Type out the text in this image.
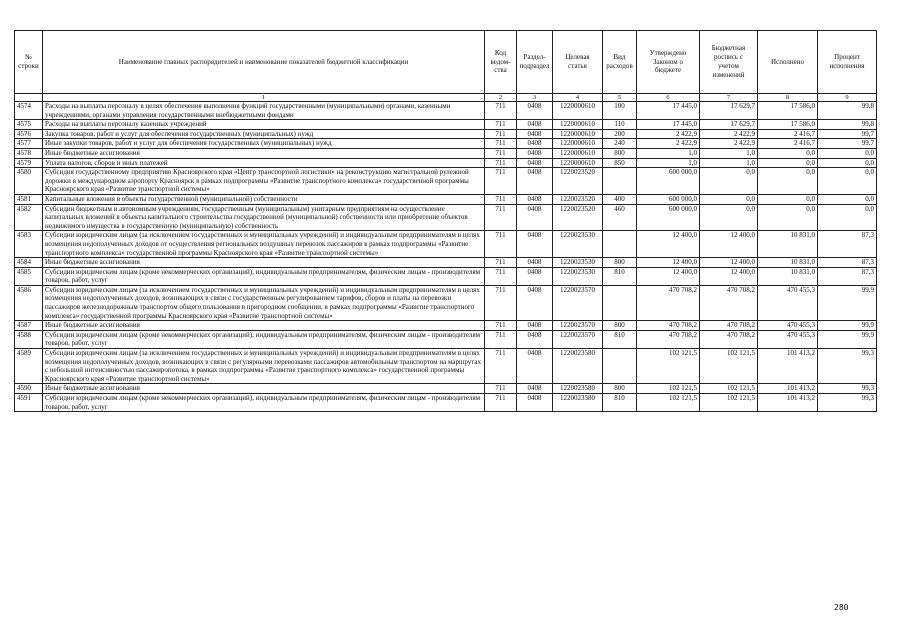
№
строки	Наименование главных распорядителей и наименование показателей бюджетной классификации	Код
ведом-
ства	Раздел-
подраздел	Целевая
статья	Вид
расходов	Утверждено
Законом о
бюджете	Бюджетная
роспись с
учетом
изменений	Исполнено	Процент
исполнения
	1	2	3	4	5	6	7	8	9
4574	Расходы на выплаты персоналу в целях обеспечения выполнения функций государственными (муниципальными) органами, казенными учреждениями, органами управления государственными внебюджетными фондами	711	0408	1220000610	100	17 445,0	17 629,7	17 586,0	99,8
4575	Расходы на выплаты персоналу казенных учреждений	711	0408	1220000610	110	17 445,0	17 629,7	17 586,0	99,8
4576	Закупка товаров, работ и услуг для обеспечения государственных (муниципальных) нужд	711	0408	1220000610	200	2 422,9	2 422,9	2 416,7	99,7
4577	Иные закупки товаров, работ и услуг для обеспечения государственных (муниципальных) нужд	711	0408	1220000610	240	2 422,9	2 422,9	2 416,7	99,7
4578	Иные бюджетные ассигнования	711	0408	1220000610	800	1,0	1,0	0,0	0,0
4579	Уплата налогов, сборов и иных платежей	711	0408	1220000610	850	1,0	1,0	0,0	0,0
4580	Субсидия государственному предприятию Красноярского края «Центр транспортной логистики» на реконструкцию магистральной рулежной дорожки в международном аэропорту Красноярск в рамках подпрограммы «Развитие транспортного комплекса» государственной программы Красноярского края «Развитие транспортной системы»	711	0408	1220023520		600 000,0	0,0	0,0	0,0
4581	Капитальные вложения в объекты государственной (муниципальной) собственности	711	0408	1220023520	400	600 000,0	0,0	0,0	0,0
4582	Субсидии бюджетным и автономным учреждениям, государственным (муниципальным) унитарным предприятиям на осуществление капитальных вложений в объекты капитального строительства государственной (муниципальной) собственности или приобретение объектов недвижимого имущества в государственную (муниципальную) собственность	711	0408	1220023520	460	600 000,0	0,0	0,0	0,0
4583	Субсидии юридическим лицам (за исключением государственных и муниципальных учреждений) и индивидуальным предпринимателям в целях возмещения недополученных доходов от осуществления региональных воздушных перевозок пассажиров в рамках подпрограммы «Развитие транспортного комплекса» государственной программы Красноярского края «Развитие транспортной системы»	711	0408	1220023530		12 400,0	12 400,0	10 831,0	87,3
4584	Иные бюджетные ассигнования	711	0408	1220023530	800	12 400,0	12 400,0	10 831,0	87,3
4585	Субсидии юридическим лицам (кроме некоммерческих организаций), индивидуальным предпринимателям, физическим лицам - производителям товаров, работ, услуг	711	0408	1220023530	810	12 400,0	12 400,0	10 831,0	87,3
4586	Субсидии юридическим лицам (за исключением государственных и муниципальных учреждений) и индивидуальным предпринимателям в целях возмещения недополученных доходов, возникающих в связи с государственным регулированием тарифов, сборов и платы на перевозки пассажиров железнодорожным транспортом общего пользования в пригородном сообщении, в рамках подпрограммы «Развитие транспортного комплекса» государственной программы Красноярского края «Развитие транспортной системы»	711	0408	1220023570		470 708,2	470 708,2	470 455,3	99,9
4587	Иные бюджетные ассигнования	711	0408	1220023570	800	470 708,2	470 708,2	470 455,3	99,9
4588	Субсидии юридическим лицам (кроме некоммерческих организаций), индивидуальным предпринимателям, физическим лицам - производителям товаров, работ, услуг	711	0408	1220023570	810	470 708,2	470 708,2	470 455,3	99,9
4589	Субсидии юридическим лицам (за исключением государственных и муниципальных учреждений) и индивидуальным предпринимателям в целях возмещения недополученных доходов, возникающих в связи с регулярными перевозками пассажиров автомобильным транспортом на маршрутах с небольшой интенсивностью пассажиропотока, в рамках подпрограммы «Развитие транспортного комплекса» государственной программы Красноярского края «Развитие транспортной системы»	711	0408	1220023580		102 121,5	102 121,5	101 413,2	99,3
4590	Иные бюджетные ассигнования	711	0408	1220023580	800	102 121,5	102 121,5	101 413,2	99,3
4591	Субсидии юридическим лицам (кроме некоммерческих организаций), индивидуальным предпринимателям, физическим лицам - производителям товаров, работ, услуг	711	0408	1220023580	810	102 121,5	102 121,5	101 413,2	99,3
280
